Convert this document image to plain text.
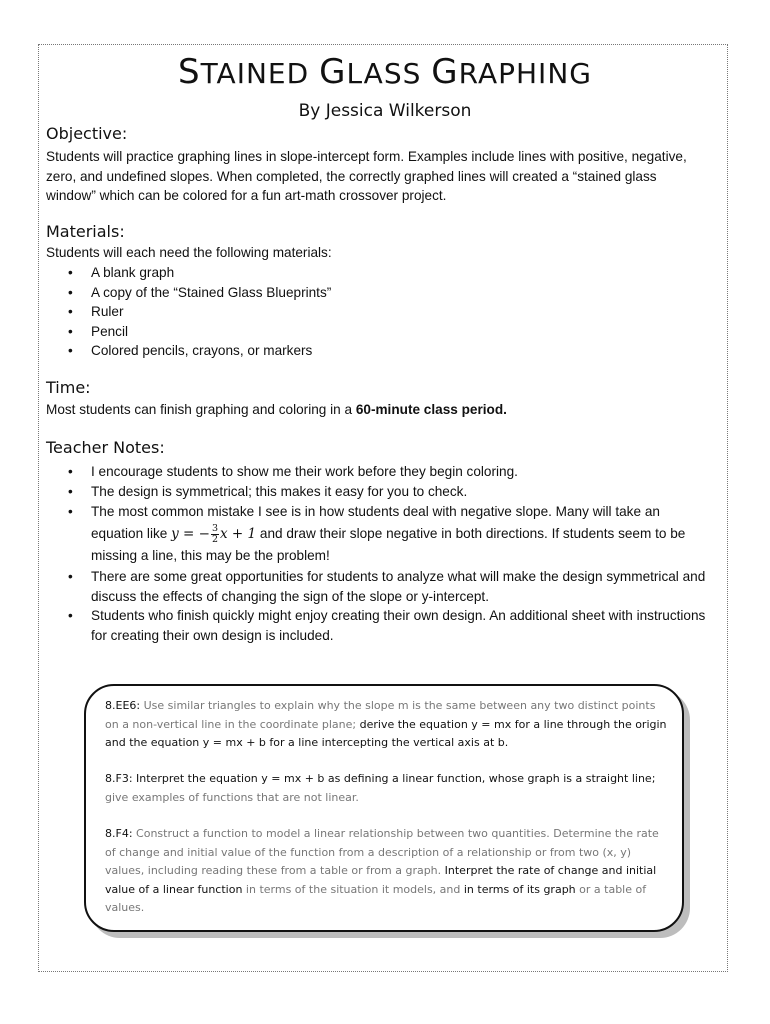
STAINED GLASS GRAPHING

By Jessica Wilkerson

Objective:

Students will practice graphing lines in slope-intercept form. Examples include lines with positive, negative, zero, and undefined slopes. When completed, the correctly graphed lines will created a “stained glass window” which can be colored for a fun art-math crossover project.

Materials:

Students will each need the following materials:

• A blank graph
• A copy of the “Stained Glass Blueprints”
• Ruler
• Pencil
• Colored pencils, crayons, or markers
Time:

Most students can finish graphing and coloring in a 60-minute class period.

Teacher Notes:
• I encourage students to show me their work before they begin coloring.
• The design is symmetrical; this makes it easy for you to check.
• The most common mistake I see is in how students deal with negative slope. Many will take an equation like y = − $\frac{3}{2}$ x + 1 and draw their slope negative in both directions. If students seem to be missing a line, this may be the problem!
• There are some great opportunities for students to analyze what will make the design symmetrical and discuss the effects of changing the sign of the slope or y-intercept.
• Students who finish quickly might enjoy creating their own design. An additional sheet with instructions for creating their own design is included.

8.EE6: Use similar triangles to explain why the slope m is the same between any two distinct points on a non-vertical line in the coordinate plane; derive the equation y = mx for a line through the origin and the equation y = mx + b for a line intercepting the vertical axis at b.

8.F3: Interpret the equation y = mx + b as defining a linear function, whose graph is a straight line; give examples of functions that are not linear.

8.F4: Construct a function to model a linear relationship between two quantities. Determine the rate of change and initial value of the function from a description of a relationship or from two (x, y) values, including reading these from a table or from a graph. Interpret the rate of change and initial value of a linear function in terms of the situation it models, and in terms of its graph or a table of values.
